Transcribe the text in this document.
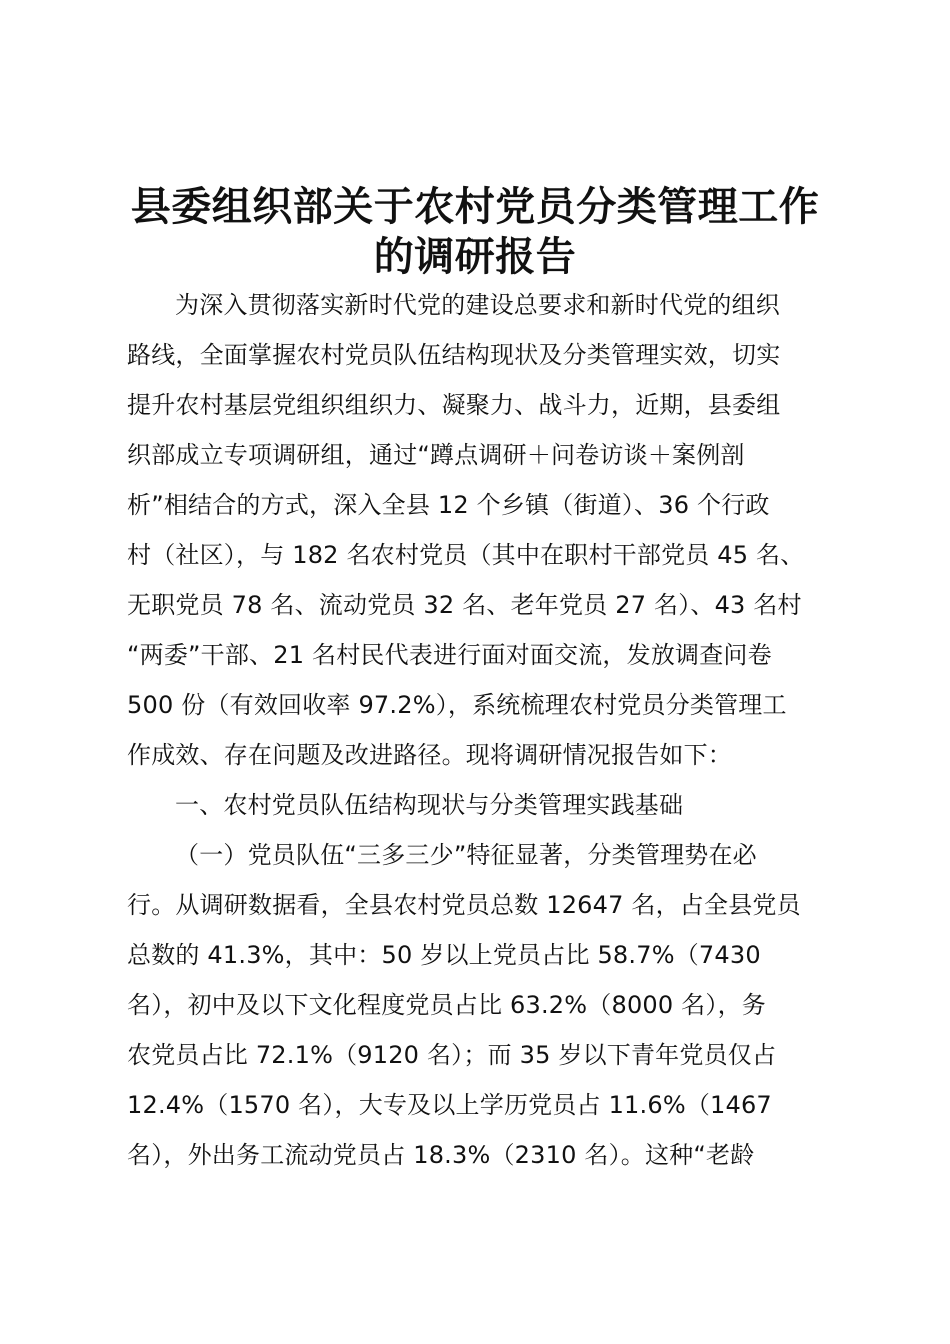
县委组织部关于农村党员分类管理工作
的调研报告
为深入贯彻落实新时代党的建设总要求和新时代党的组织
路线，全面掌握农村党员队伍结构现状及分类管理实效，切实
提升农村基层党组织组织力、凝聚力、战斗力，近期，县委组
织部成立专项调研组，通过“蹲点调研＋问卷访谈＋案例剖
析”相结合的方式，深入全县 12 个乡镇（街道）、36 个行政
村（社区），与 182 名农村党员（其中在职村干部党员 45 名、
无职党员 78 名、流动党员 32 名、老年党员 27 名）、43 名村
“两委”干部、21 名村民代表进行面对面交流，发放调查问卷
500 份（有效回收率 97.2%），系统梳理农村党员分类管理工
作成效、存在问题及改进路径。现将调研情况报告如下：
一、农村党员队伍结构现状与分类管理实践基础
（一）党员队伍“三多三少”特征显著，分类管理势在必
行。从调研数据看，全县农村党员总数 12647 名，占全县党员
总数的 41.3%，其中：50 岁以上党员占比 58.7%（7430
名），初中及以下文化程度党员占比 63.2%（8000 名），务
农党员占比 72.1%（9120 名）；而 35 岁以下青年党员仅占
12.4%（1570 名），大专及以上学历党员占 11.6%（1467
名），外出务工流动党员占 18.3%（2310 名）。这种“老龄
